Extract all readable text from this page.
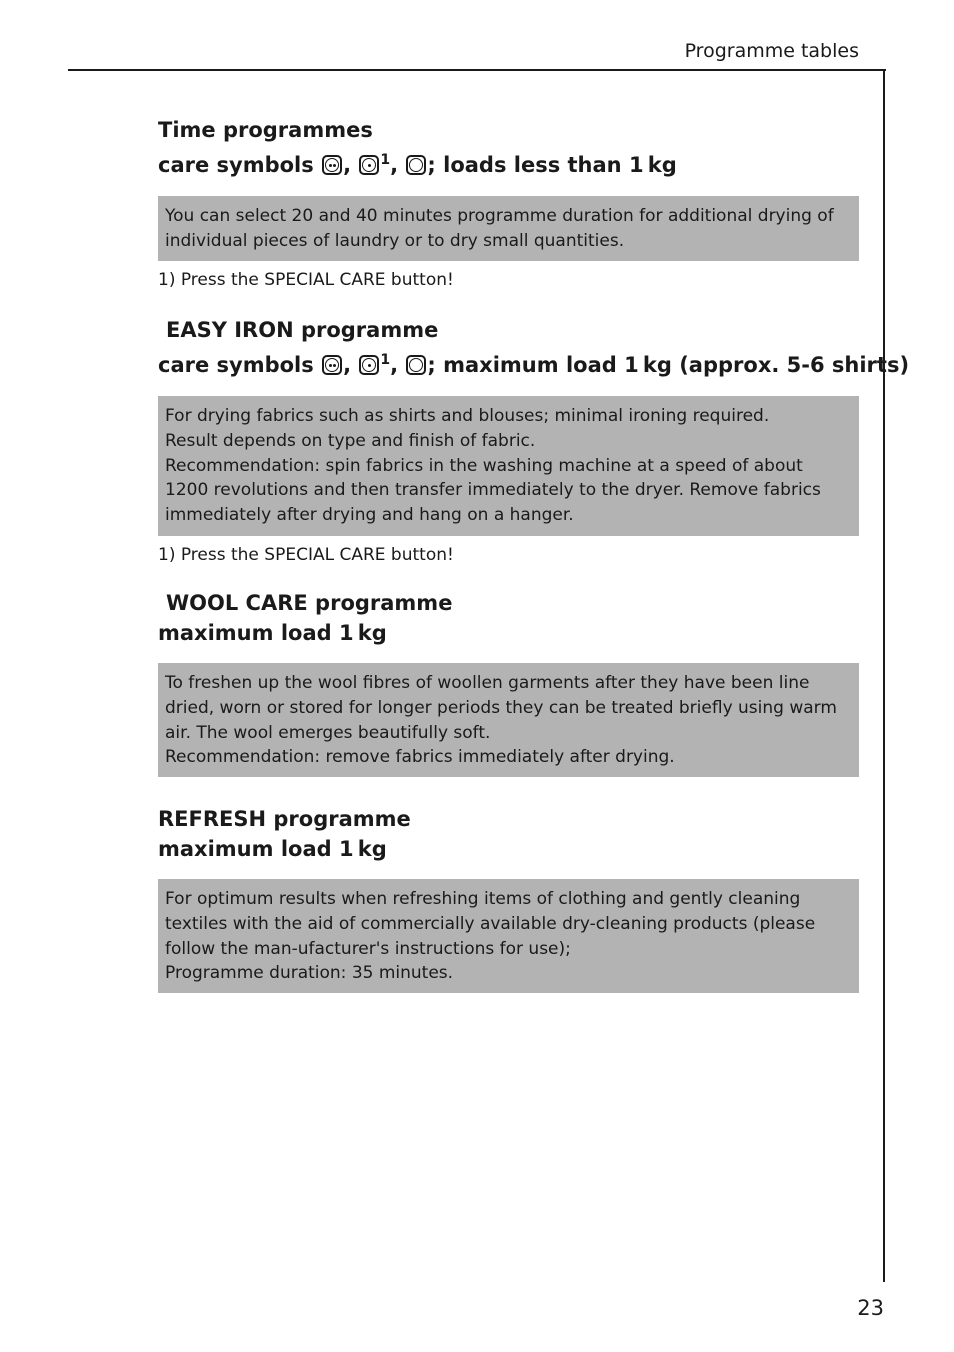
Programme tables
Time programmes
care symbols ,
$^1$, ; loads less than 1 kg
You can select 20 and 40 minutes programme duration for additional drying of individual pieces of laundry or to dry small quantities.
1) Press the SPECIAL CARE button!
EASY IRON programme
care symbols ,
$^1$, ; maximum load 1 kg (approx. 5-6 shirts)
For drying fabrics such as shirts and blouses; minimal ironing required.
Result depends on type and finish of fabric.
Recommendation: spin fabrics in the washing machine at a speed of about 1200 revolutions and then transfer immediately to the dryer. Remove fabrics immediately after drying and hang on a hanger.
1) Press the SPECIAL CARE button!
WOOL CARE programme
maximum load 1 kg
To freshen up the wool fibres of woollen garments after they have been line dried, worn or stored for longer periods they can be treated briefly using warm air. The wool emerges beautifully soft.
Recommendation: remove fabrics immediately after drying.
REFRESH programme
maximum load 1 kg
For optimum results when refreshing items of clothing and gently cleaning textiles with the aid of commercially available dry-cleaning products (please follow the man-ufacturer's instructions for use);
Programme duration: 35 minutes.
23
